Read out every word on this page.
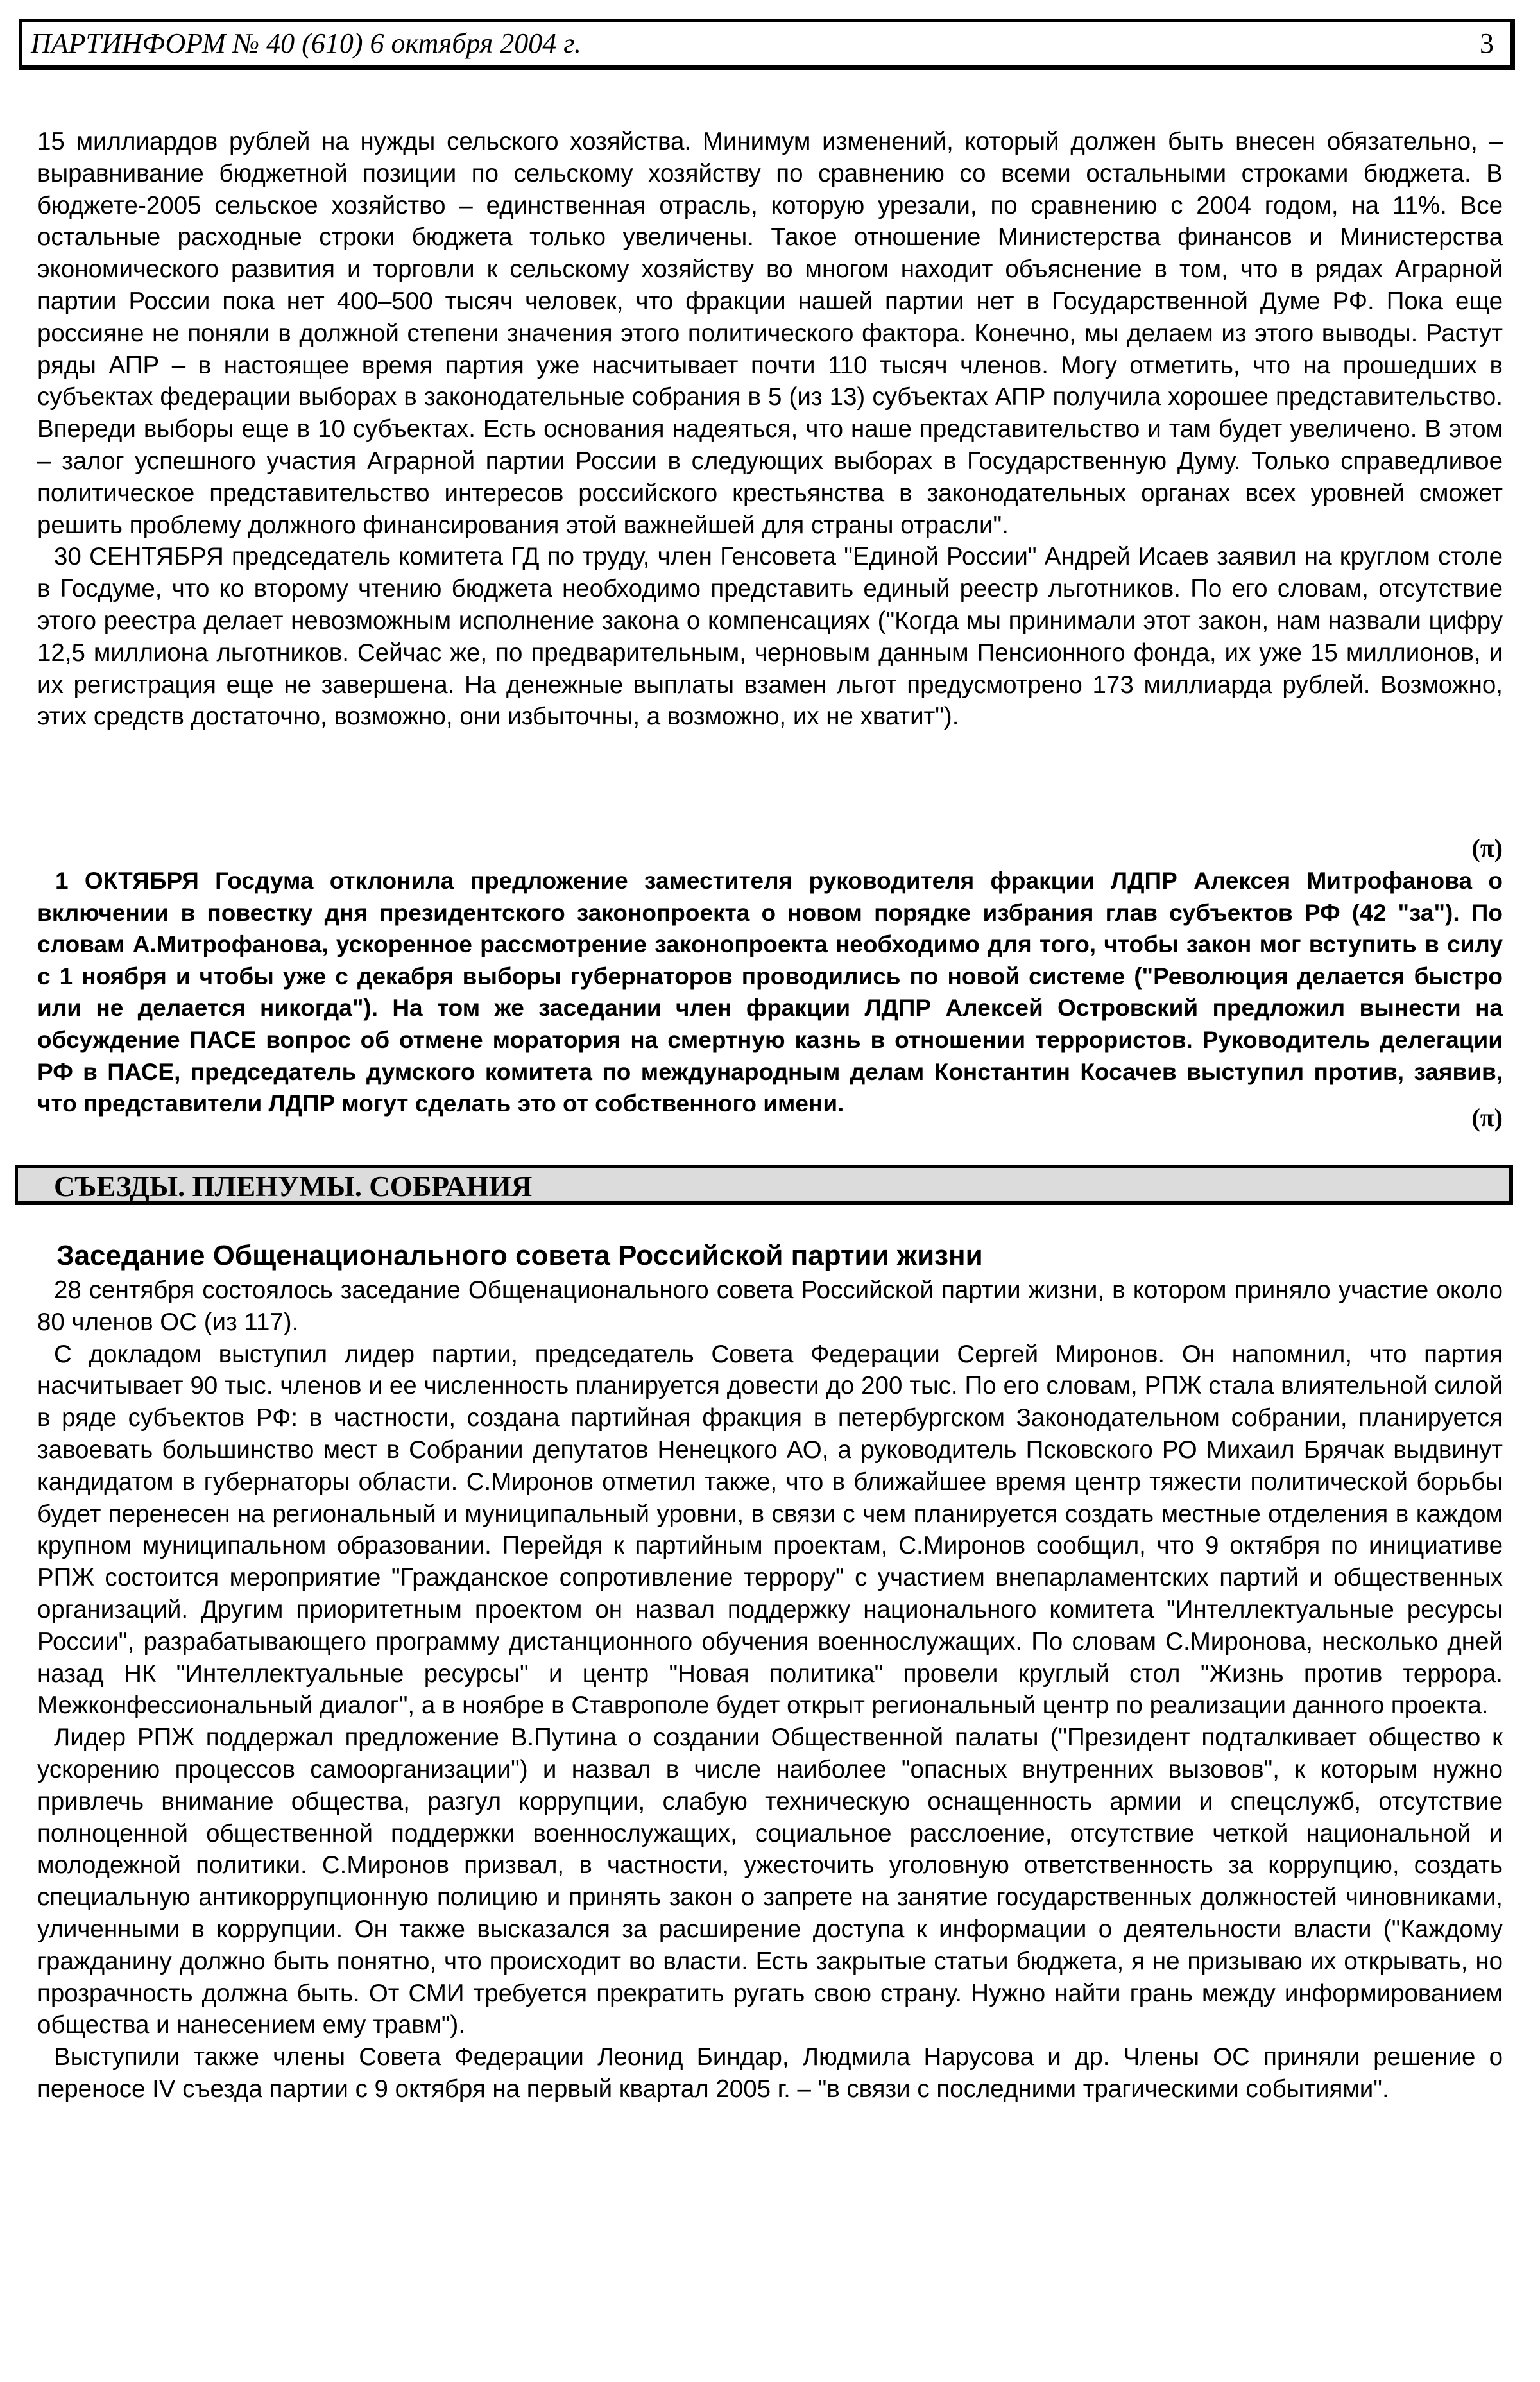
ПАРТИНФОРМ № 40 (610) 6 октября 2004 г.	3

15 миллиардов рублей на нужды сельского хозяйства. Минимум изменений, который должен быть внесен обязательно, – выравнивание бюджетной позиции по сельскому хозяйству по сравнению со всеми остальными строками бюджета. В бюджете-2005 сельское хозяйство – единственная отрасль, которую урезали, по сравнению с 2004 годом, на 11%. Все остальные расходные строки бюджета только увеличены. Такое отношение Министерства финансов и Министерства экономического развития и торговли к сельскому хозяйству во многом находит объяснение в том, что в рядах Аграрной партии России пока нет 400–500 тысяч человек, что фракции нашей партии нет в Государственной Думе РФ. Пока еще россияне не поняли в должной степени значения этого политического фактора. Конечно, мы делаем из этого выводы. Растут ряды АПР – в настоящее время партия уже насчитывает почти 110 тысяч членов. Могу отметить, что на прошедших в субъектах федерации выборах в законодательные собрания в 5 (из 13) субъектах АПР получила хорошее представительство. Впереди выборы еще в 10 субъектах. Есть основания надеяться, что наше представительство и там будет увеличено. В этом – залог успешного участия Аграрной партии России в следующих выборах в Государственную Думу. Только справедливое политическое представительство интересов российского крестьянства в законодательных органах всех уровней сможет решить проблему должного финансирования этой важнейшей для страны отрасли".

30 СЕНТЯБРЯ председатель комитета ГД по труду, член Генсовета "Единой России" Андрей Исаев заявил на круглом столе в Госдуме, что ко второму чтению бюджета необходимо представить единый реестр льготников. По его словам, отсутствие этого реестра делает невозможным исполнение закона о компенсациях ("Когда мы принимали этот закон, нам назвали цифру 12,5 миллиона льготников. Сейчас же, по предварительным, черновым данным Пенсионного фонда, их уже 15 миллионов, и их регистрация еще не завершена. На денежные выплаты взамен льгот предусмотрено 173 миллиарда рублей. Возможно, этих средств достаточно, возможно, они избыточны, а возможно, их не хватит").

(π)
1 ОКТЯБРЯ Госдума отклонила предложение заместителя руководителя фракции ЛДПР Алексея Митрофанова о включении в повестку дня президентского законопроекта о новом порядке избрания глав субъектов РФ (42 "за"). По словам А.Митрофанова, ускоренное рассмотрение законопроекта необходимо для того, чтобы закон мог вступить в силу с 1 ноября и чтобы уже с декабря выборы губернаторов проводились по новой системе ("Революция делается быстро или не делается никогда"). На том же заседании член фракции ЛДПР Алексей Островский предложил вынести на обсуждение ПАСЕ вопрос об отмене моратория на смертную казнь в отношении террористов. Руководитель делегации РФ в ПАСЕ, председатель думского комитета по международным делам Константин Косачев выступил против, заявив, что представители ЛДПР могут сделать это от собственного имени.	(π)
СЪЕЗДЫ. ПЛЕНУМЫ. СОБРАНИЯ
Заседание Общенационального совета Российской партии жизни

28 сентября состоялось заседание Общенационального совета Российской партии жизни, в котором приняло участие около 80 членов ОС (из 117).

С докладом выступил лидер партии, председатель Совета Федерации Сергей Миронов. Он напомнил, что партия насчитывает 90 тыс. членов и ее численность планируется довести до 200 тыс. По его словам, РПЖ стала влиятельной силой в ряде субъектов РФ: в частности, создана партийная фракция в петербургском Законодательном собрании, планируется завоевать большинство мест в Собрании депутатов Ненецкого АО, а руководитель Псковского РО Михаил Брячак выдвинут кандидатом в губернаторы области. С.Миронов отметил также, что в ближайшее время центр тяжести политической борьбы будет перенесен на региональный и муниципальный уровни, в связи с чем планируется создать местные отделения в каждом крупном муниципальном образовании. Перейдя к партийным проектам, С.Миронов сообщил, что 9 октября по инициативе РПЖ состоится мероприятие "Гражданское сопротивление террору" с участием внепарламентских партий и общественных организаций. Другим приоритетным проектом он назвал поддержку национального комитета "Интеллектуальные ресурсы России", разрабатывающего программу дистанционного обучения военнослужащих. По словам С.Миронова, несколько дней назад НК "Интеллектуальные ресурсы" и центр "Новая политика" провели круглый стол "Жизнь против террора. Межконфессиональный диалог", а в ноябре в Ставрополе будет открыт региональный центр по реализации данного проекта.

Лидер РПЖ поддержал предложение В.Путина о создании Общественной палаты ("Президент подталкивает общество к ускорению процессов самоорганизации") и назвал в числе наиболее "опасных внутренних вызовов", к которым нужно привлечь внимание общества, разгул коррупции, слабую техническую оснащенность армии и спецслужб, отсутствие полноценной общественной поддержки военнослужащих, социальное расслоение, отсутствие четкой национальной и молодежной политики. С.Миронов призвал, в частности, ужесточить уголовную ответственность за коррупцию, создать специальную антикоррупционную полицию и принять закон о запрете на занятие государственных должностей чиновниками, уличенными в коррупции. Он также высказался за расширение доступа к информации о деятельности власти ("Каждому гражданину должно быть понятно, что происходит во власти. Есть закрытые статьи бюджета, я не призываю их открывать, но прозрачность должна быть. От СМИ требуется прекратить ругать свою страну. Нужно найти грань между информированием общества и нанесением ему травм").

Выступили также члены Совета Федерации Леонид Биндар, Людмила Нарусова и др. Члены ОС приняли решение о переносе IV съезда партии с 9 октября на первый квартал 2005 г. – "в связи с последними трагическими событиями".
